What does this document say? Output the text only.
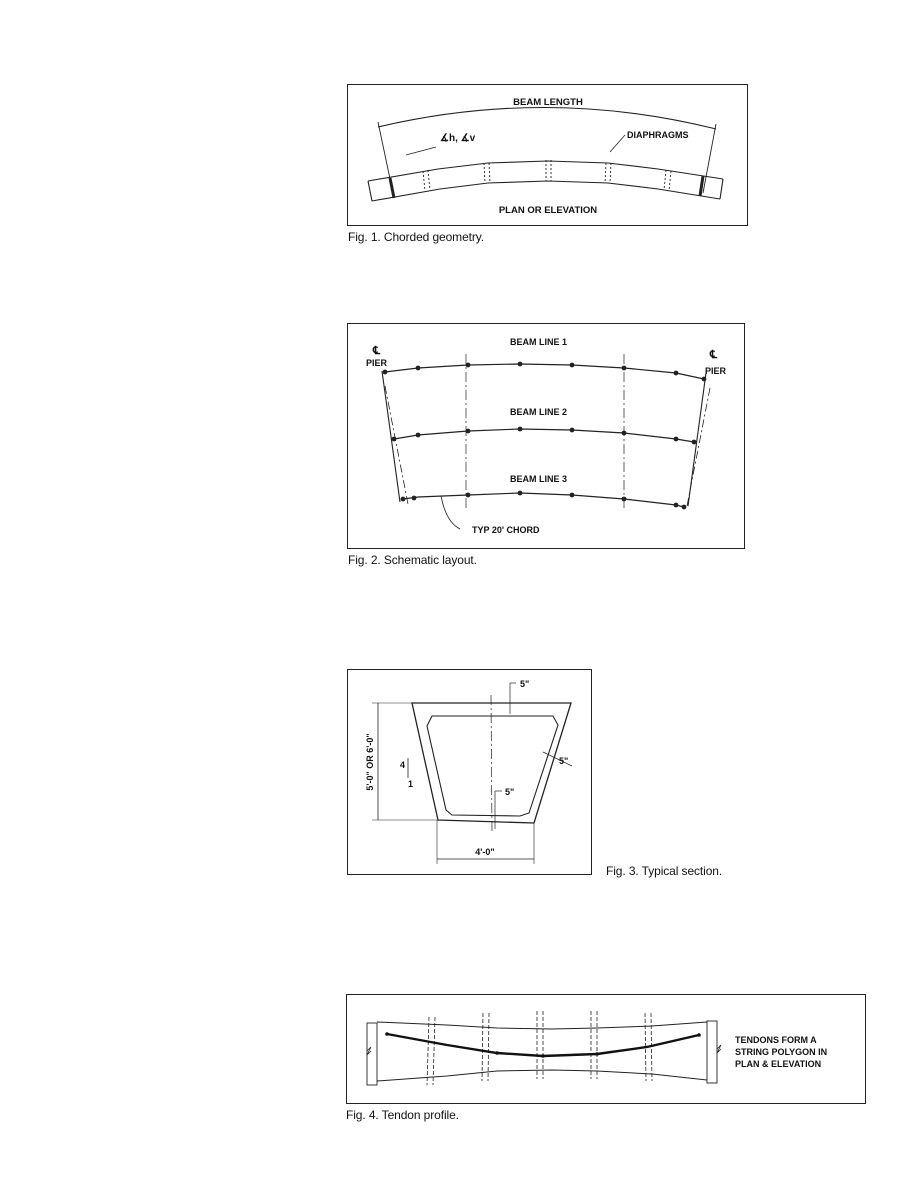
BEAM LENGTH
∡h, ∡v	DIAPHRAGMS
PLAN OR ELEVATION
Fig. 1. Chorded geometry.
℄
PIER
℄
PIER
BEAM LINE 1
BEAM LINE 2
BEAM LINE 3
TYP 20' CHORD
Fig. 2. Schematic layout.
5'-0" OR 6'-0"	4
1
5"
5"
5"
4'-0"
Fig. 3. Typical section.
TENDONS FORM A
STRING POLYGON IN
PLAN & ELEVATION
Fig. 4. Tendon profile.
